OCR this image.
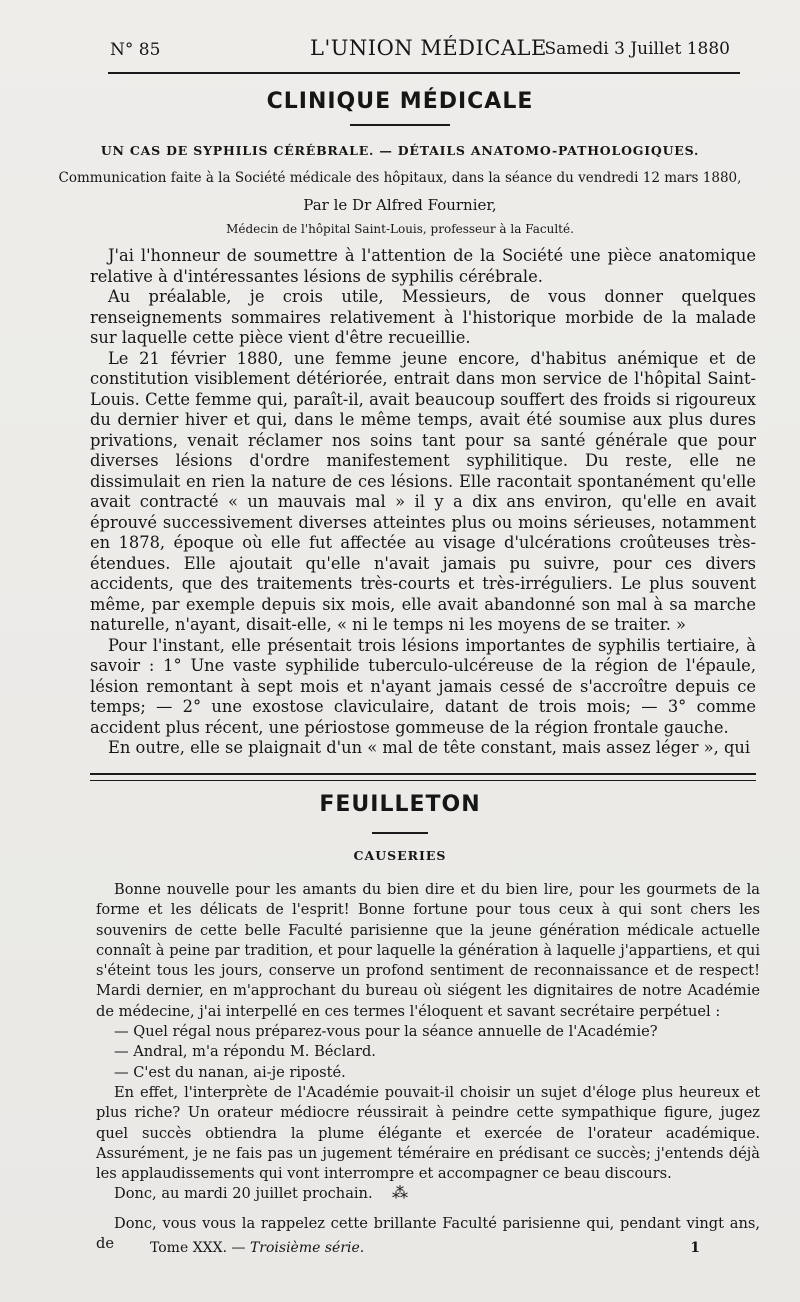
N° 85	L'UNION MÉDICALE
Samedi 3 Juillet 1880
CLINIQUE MÉDICALE
UN CAS DE SYPHILIS CÉRÉBRALE. — DÉTAILS ANATOMO-PATHOLOGIQUES.
Communication faite à la Société médicale des hôpitaux, dans la séance du vendredi 12 mars 1880,
Par le Dr Alfred Fournier,
Médecin de l'hôpital Saint-Louis, professeur à la Faculté.

J'ai l'honneur de soumettre à l'attention de la Société une pièce anatomique relative à d'intéressantes lésions de syphilis cérébrale.

Au préalable, je crois utile, Messieurs, de vous donner quelques renseignements sommaires relativement à l'historique morbide de la malade sur laquelle cette pièce vient d'être recueillie.

Le 21 février 1880, une femme jeune encore, d'habitus anémique et de constitution visiblement détériorée, entrait dans mon service de l'hôpital Saint-Louis. Cette femme qui, paraît-il, avait beaucoup souffert des froids si rigoureux du dernier hiver et qui, dans le même temps, avait été soumise aux plus dures privations, venait réclamer nos soins tant pour sa santé générale que pour diverses lésions d'ordre manifestement syphilitique. Du reste, elle ne dissimulait en rien la nature de ces lésions. Elle racontait spontanément qu'elle avait contracté « un mauvais mal » il y a dix ans environ, qu'elle en avait éprouvé successivement diverses atteintes plus ou moins sérieuses, notamment en 1878, époque où elle fut affectée au visage d'ulcérations croûteuses très-étendues. Elle ajoutait qu'elle n'avait jamais pu suivre, pour ces divers accidents, que des traitements très-courts et très-irréguliers. Le plus souvent même, par exemple depuis six mois, elle avait abandonné son mal à sa marche naturelle, n'ayant, disait-elle, « ni le temps ni les moyens de se traiter. »

Pour l'instant, elle présentait trois lésions importantes de syphilis tertiaire, à savoir : 1° Une vaste syphilide tuberculo-ulcéreuse de la région de l'épaule, lésion remontant à sept mois et n'ayant jamais cessé de s'accroître depuis ce temps; — 2° une exostose claviculaire, datant de trois mois; — 3° comme accident plus récent, une périostose gommeuse de la région frontale gauche.

En outre, elle se plaignait d'un « mal de tête constant, mais assez léger », qui

FEUILLETON
CAUSERIES

Bonne nouvelle pour les amants du bien dire et du bien lire, pour les gourmets de la forme et les délicats de l'esprit! Bonne fortune pour tous ceux à qui sont chers les souvenirs de cette belle Faculté parisienne que la jeune génération médicale actuelle connaît à peine par tradition, et pour laquelle la génération à laquelle j'appartiens, et qui s'éteint tous les jours, conserve un profond sentiment de reconnaissance et de respect! Mardi dernier, en m'approchant du bureau où siégent les dignitaires de notre Académie de médecine, j'ai interpellé en ces termes l'éloquent et savant secrétaire perpétuel :

— Quel régal nous préparez-vous pour la séance annuelle de l'Académie?

— Andral, m'a répondu M. Béclard.

— C'est du nanan, ai-je riposté.

En effet, l'interprète de l'Académie pouvait-il choisir un sujet d'éloge plus heureux et plus riche? Un orateur médiocre réussirait à peindre cette sympathique figure, jugez quel succès obtiendra la plume élégante et exercée de l'orateur académique. Assurément, je ne fais pas un jugement téméraire en prédisant ce succès; j'entends déjà les applaudissements qui vont interrompre et accompagner ce beau discours.

Donc, au mardi 20 juillet prochain.	⁂

Donc, vous vous la rappelez cette brillante Faculté parisienne qui, pendant vingt ans, de	Tome XXX. — Troisième série.	1
